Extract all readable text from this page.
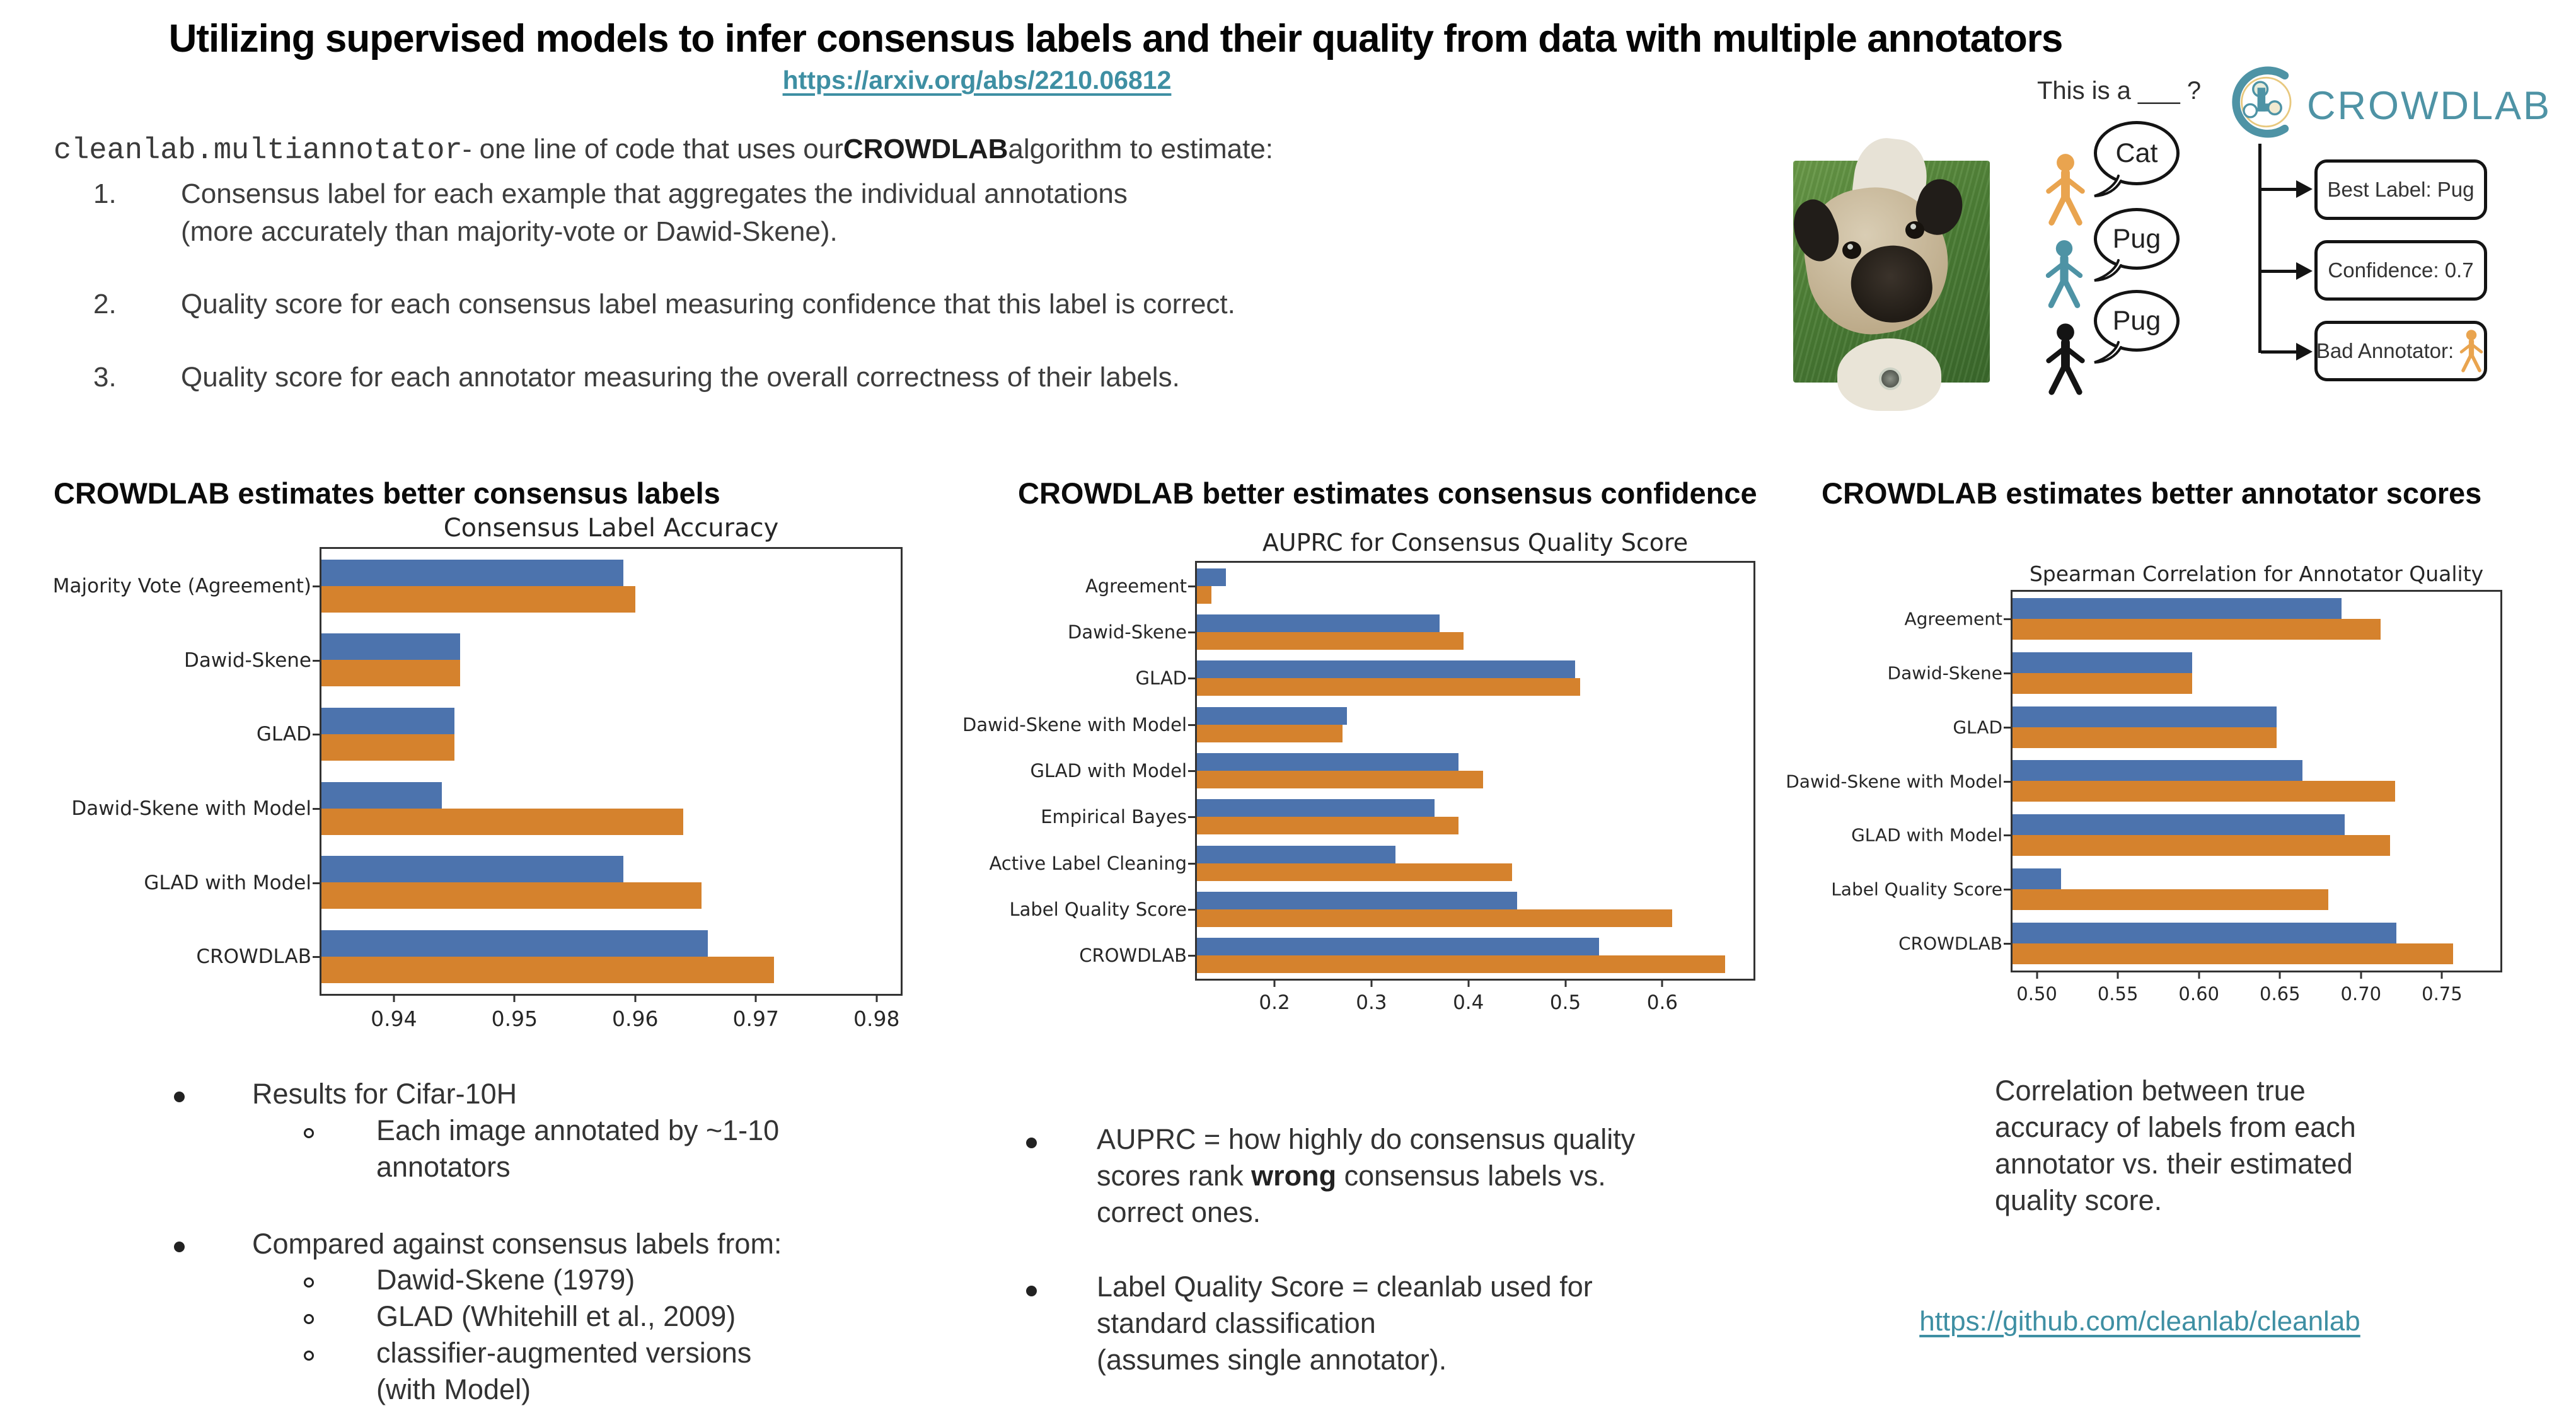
Utilizing supervised models to infer consensus labels and their quality from data with multiple annotators
https://arxiv.org/abs/2210.06812
cleanlab.multiannotator - one line of code that uses our CROWDLAB algorithm to estimate:
1. Consensus label for each example that aggregates the individual annotations
(more accurately than majority-vote or Dawid-Skene).
2. Quality score for each consensus label measuring confidence that this label is correct.
3. Quality score for each annotator measuring the overall correctness of their labels.
This is a ___ ?
Cat
Pug
Pug
CROWDLAB
Best Label: Pug
Confidence: 0.7
Bad Annotator:
CROWDLAB estimates better consensus labels	CROWDLAB better estimates consensus confidence CROWDLAB estimates better annotator scores
Consensus Label Accuracy
Majority Vote (Agreement)
Dawid-Skene
GLAD
Dawid-Skene with Model
GLAD with Model
CROWDLAB
0.94	0.95	0.96	0.97	0.98
AUPRC for Consensus Quality Score
Agreement
Dawid-Skene
GLAD
Dawid-Skene with Model
GLAD with Model
Empirical Bayes
Active Label Cleaning
Label Quality Score
CROWDLAB
0.2	0.3	0.4	0.5	0.6
Spearman Correlation for Annotator Quality
Agreement
Dawid-Skene
GLAD
Dawid-Skene with Model
GLAD with Model
Label Quality Score
CROWDLAB
0.50 0.55 0.60 0.65 0.70 0.75
Results for Cifar-10H
Each image annotated by ~1-10
annotators
Compared against consensus labels from:
Dawid-Skene (1979)
GLAD (Whitehill et al., 2009)
classifier-augmented versions
(with Model)
AUPRC = how highly do consensus quality
scores rank wrong consensus labels vs.
correct ones.
Label Quality Score = cleanlab used for
standard classification
(assumes single annotator).
Correlation between true
accuracy of labels from each
annotator vs. their estimated
quality score.
https://github.com/cleanlab/cleanlab
